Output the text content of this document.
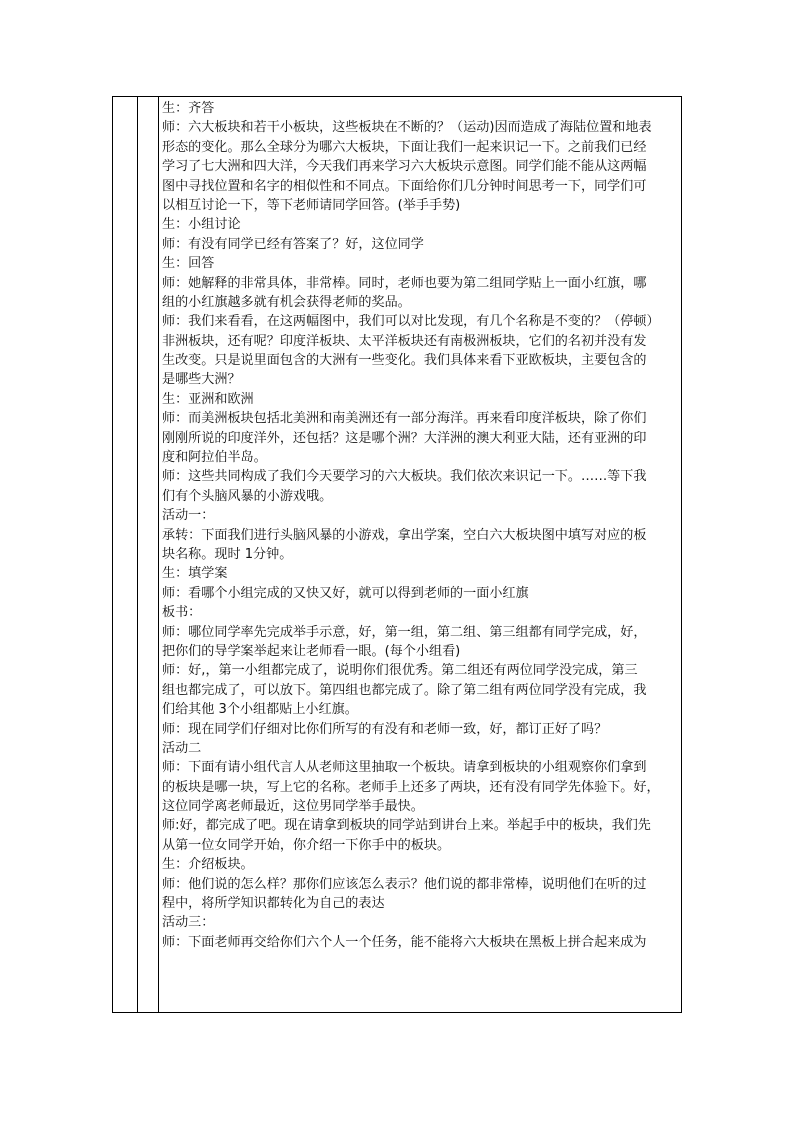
生：齐答
师：六大板块和若干小板块，这些板块在不断的？（运动)因而造成了海陆位置和地表
形态的变化。那么全球分为哪六大板块，下面让我们一起来识记一下。之前我们已经
学习了七大洲和四大洋，今天我们再来学习六大板块示意图。同学们能不能从这两幅
图中寻找位置和名字的相似性和不同点。下面给你们几分钟时间思考一下，同学们可
以相互讨论一下，等下老师请同学回答。(举手手势)
生：小组讨论
师：有没有同学已经有答案了？好，这位同学
生：回答
师：她解释的非常具体，非常棒。同时，老师也要为第二组同学贴上一面小红旗，哪
组的小红旗越多就有机会获得老师的奖品。
师：我们来看看，在这两幅图中，我们可以对比发现，有几个名称是不变的？（停顿）
非洲板块，还有呢？印度洋板块、太平洋板块还有南极洲板块，它们的名初并没有发
生改变。只是说里面包含的大洲有一些变化。我们具体来看下亚欧板块，主要包含的
是哪些大洲？
生：亚洲和欧洲
师：而美洲板块包括北美洲和南美洲还有一部分海洋。再来看印度洋板块，除了你们
刚刚所说的印度洋外，还包括？这是哪个洲？大洋洲的澳大利亚大陆，还有亚洲的印
度和阿拉伯半岛。
师：这些共同构成了我们今天要学习的六大板块。我们依次来识记一下。……等下我
们有个头脑风暴的小游戏哦。
活动一：
承转：下面我们进行头脑风暴的小游戏，拿出学案，空白六大板块图中填写对应的板
块名称。现时 1分钟。
生：填学案
师：看哪个小组完成的又快又好，就可以得到老师的一面小红旗
板书：
师：哪位同学率先完成举手示意，好，第一组，第二组、第三组都有同学完成，好，
把你们的导学案举起来让老师看一眼。(每个小组看)
师：好,，第一小组都完成了，说明你们很优秀。第二组还有两位同学没完成，第三
组也都完成了，可以放下。第四组也都完成了。除了第二组有两位同学没有完成，我
们给其他 3个小组都贴上小红旗。
师：现在同学们仔细对比你们所写的有没有和老师一致，好，都订正好了吗？
活动二
师：下面有请小组代言人从老师这里抽取一个板块。请拿到板块的小组观察你们拿到
的板块是哪一块，写上它的名称。老师手上还多了两块，还有没有同学先体验下。好，
这位同学离老师最近，这位男同学举手最快。
师:好，都完成了吧。现在请拿到板块的同学站到讲台上来。举起手中的板块，我们先
从第一位女同学开始，你介绍一下你手中的板块。
生：介绍板块。
师：他们说的怎么样？那你们应该怎么表示？他们说的都非常棒，说明他们在听的过
程中，将所学知识都转化为自己的表达
活动三：
师：下面老师再交给你们六个人一个任务，能不能将六大板块在黑板上拼合起来成为
